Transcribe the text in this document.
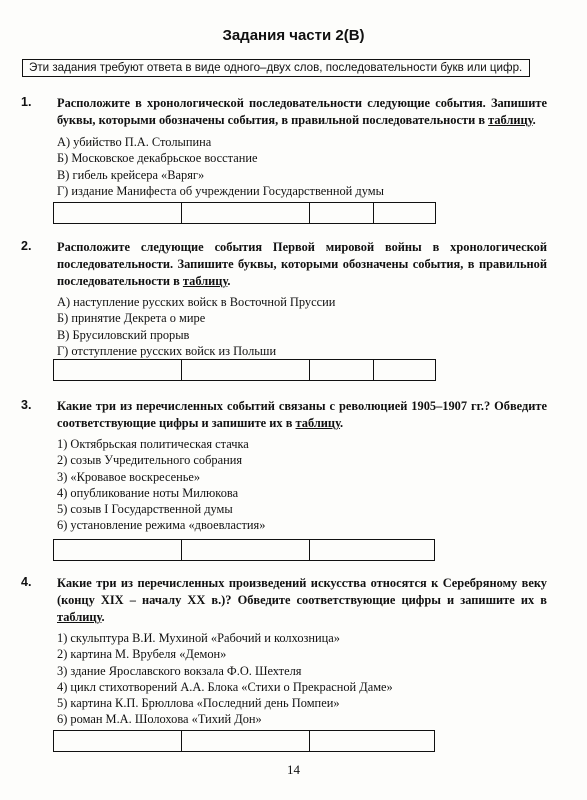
Задания части 2(В)
Эти задания требуют ответа в виде одного–двух слов, последовательности букв или цифр.
1. Расположите в хронологической последовательности следующие события. Запишите буквы, которыми обозначены события, в правильной последовательности в таблицу.
А) убийство П.А. Столыпина
Б) Московское декабрьское восстание
В) гибель крейсера «Варяг»
Г) издание Манифеста об учреждении Государственной думы
2. Расположите следующие события Первой мировой войны в хронологической последовательности. Запишите буквы, которыми обозначены события, в правильной последовательности в таблицу.
А) наступление русских войск в Восточной Пруссии
Б) принятие Декрета о мире
В) Брусиловский прорыв
Г) отступление русских войск из Польши
3. Какие три из перечисленных событий связаны с революцией 1905–1907 гг.? Обведите соответствующие цифры и запишите их в таблицу.
1) Октябрьская политическая стачка
2) созыв Учредительного собрания
3) «Кровавое воскресенье»
4) опубликование ноты Милюкова
5) созыв I Государственной думы
6) установление режима «двоевластия»
4. Какие три из перечисленных произведений искусства относятся к Серебряному веку (концу XIX – началу XX в.)? Обведите соответствующие цифры и запишите их в таблицу.
1) скульптура В.И. Мухиной «Рабочий и колхозница»
2) картина М. Врубеля «Демон»
3) здание Ярославского вокзала Ф.О. Шехтеля
4) цикл стихотворений А.А. Блока «Стихи о Прекрасной Даме»
5) картина К.П. Брюллова «Последний день Помпеи»
6) роман М.А. Шолохова «Тихий Дон»
14
